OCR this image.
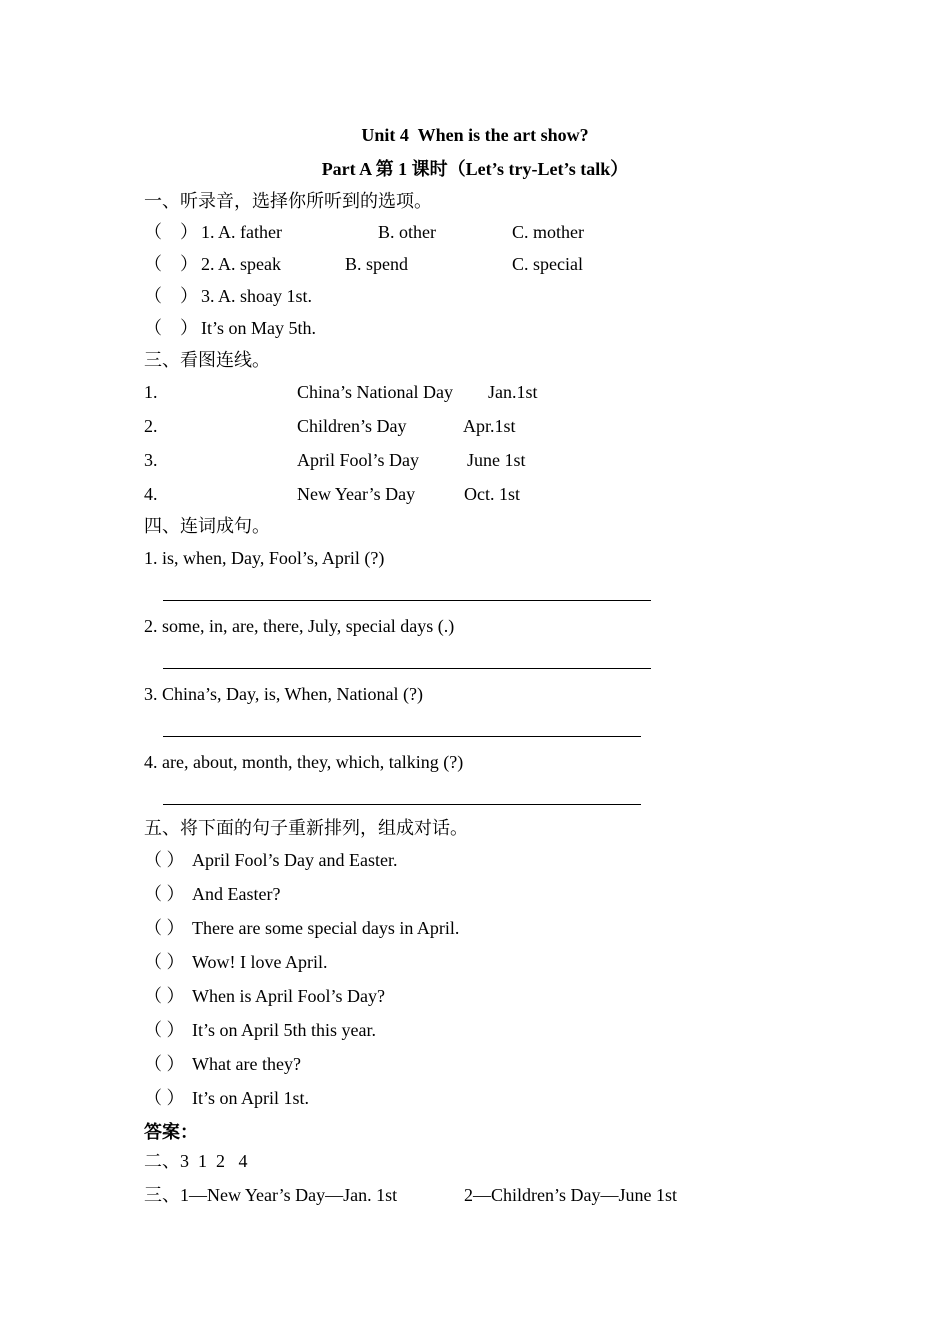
Unit 4  When is the art show?
Part A 第 1 课时（Let’s try-Let’s talk）
一、听录音，选择你所听到的选项。
（　） 1. A. father	B. other	C. mother
（　） 2. A. speak	B. spend	C. special
（　） 3. A. shoay 1st.
（　） It’s on May 5th.
三、看图连线。
1.	China’s National Day Jan.1st
2.	Children’s Day	Apr.1st
3.	April Fool’s Day	June 1st
4.	New Year’s Day	Oct. 1st
四、连词成句。
1. is, when, Day, Fool’s, April (?)
2. some, in, are, there, July, special days (.)
3. China’s, Day, is, When, National (?)
4. are, about, month, they, which, talking (?)
五、将下面的句子重新排列，组成对话。
（ ） April Fool’s Day and Easter.
（ ） And Easter?
（ ） There are some special days in April.
（ ） Wow! I love April.
（ ） When is April Fool’s Day?
（ ） It’s on April 5th this year.
（ ） What are they?
（ ） It’s on April 1st.
答案：
二、3  1  2   4
三、1—New Year’s Day—Jan. 1st	2—Children’s Day—June 1st
